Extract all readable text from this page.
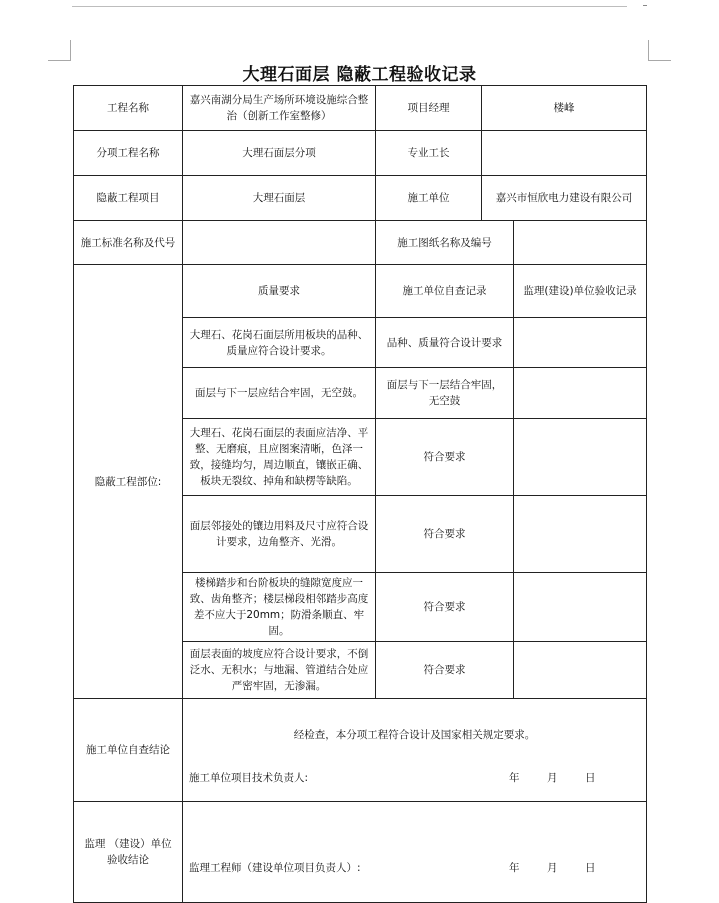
大理石面层 隐蔽工程验收记录
工程名称	嘉兴南湖分局生产场所环境设施综合整治（创新工作室整修）	项目经理	楼峰	
分项工程名称	大理石面层分项	专业工长		
隐蔽工程项目	大理石面层	施工单位	嘉兴市恒欣电力建设有限公司	
施工标准名称及代号		施工图纸名称及编号		
隐蔽工程部位:	质量要求	施工单位自查记录		监理(建设)单位验收记录
	大理石、花岗石面层所用板块的品种、质量应符合设计要求。	品种、质量符合设计要求		
	面层与下一层应结合牢固，无空鼓。	面层与下一层结合牢固，无空鼓		
	大理石、花岗石面层的表面应洁净、平整、无磨痕，且应图案清晰，色泽一致，接缝均匀，周边顺直，镶嵌正确、板块无裂纹、掉角和缺楞等缺陷。	符合要求		
	面层邻接处的镶边用料及尺寸应符合设计要求，边角整齐、光滑。	符合要求		
	楼梯踏步和台阶板块的缝隙宽度应一致、齿角整齐；楼层梯段相邻踏步高度差不应大于20mm；防滑条顺直、牢固。	符合要求		
	面层表面的坡度应符合设计要求，不倒泛水、无积水；与地漏、管道结合处应严密牢固，无渗漏。	符合要求		
施工单位自查结论	经检查，本分项工程符合设计及国家相关规定要求。
施工单位项目技术负责人: 年 月 日			

监理 （建设）单位验收结论	监理工程师（建设单位项目负责人）: 年 月 日			
